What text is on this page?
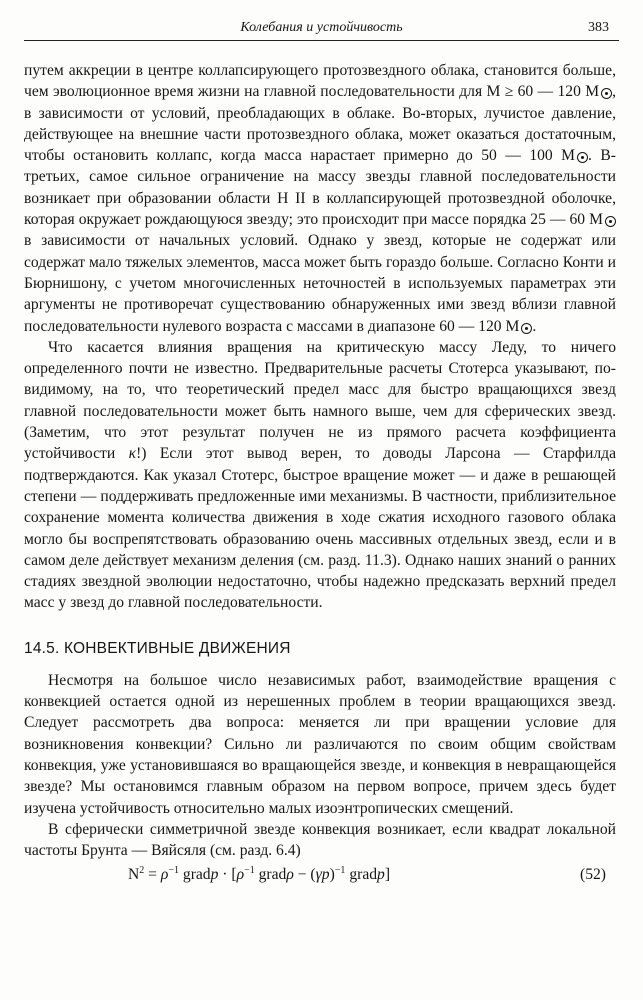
Колебания и устойчивость	383

путем аккреции в центре коллапсирующего протозвездного облака, становится больше, чем эволюционное время жизни на главной последовательности для M ≥ 60 — 120 M , в зависимости от условий, преобладающих в облаке. Во-вторых, лучистое давление, действующее на внешние части протозвездного облака, может оказаться достаточным, чтобы остановить коллапс, когда масса нарастает примерно до 50 — 100 M . В-третьих, самое сильное ограничение на массу звезды главной последовательности возникает при образовании области H II в коллапсирующей протозвездной оболочке, которая окружает рождающуюся звезду; это происходит при массе порядка 25 — 60 M в зависимости от начальных условий. Однако у звезд, которые не содержат или содержат мало тяжелых элементов, масса может быть гораздо больше. Согласно Конти и Бюрнишону, с учетом многочисленных неточностей в используемых параметрах эти аргументы не противоречат существованию обнаруженных ими звезд вблизи главной последовательности нулевого возраста с массами в диапазоне 60 — 120 M .

Что касается влияния вращения на критическую массу Леду, то ничего определенного почти не известно. Предварительные расчеты Стотерса указывают, по-видимому, на то, что теоретический предел масс для быстро вращающихся звезд главной последовательности может быть намного выше, чем для сферических звезд. (Заметим, что этот результат получен не из прямого расчета коэффициента устойчивости κ!) Если этот вывод верен, то доводы Ларсона — Старфилда подтверждаются. Как указал Стотерс, быстрое вращение может — и даже в решающей степени — поддерживать предложенные ими механизмы. В частности, приблизительное сохранение момента количества движения в ходе сжатия исходного газового облака могло бы воспрепятствовать образованию очень массивных отдельных звезд, если и в самом деле действует механизм деления (см. разд. 11.3). Однако наших знаний о ранних стадиях звездной эволюции недостаточно, чтобы надежно предсказать верхний предел масс у звезд до главной последовательности.

14.5. КОНВЕКТИВНЫЕ ДВИЖЕНИЯ

Несмотря на большое число независимых работ, взаимодействие вращения с конвекцией остается одной из нерешенных проблем в теории вращающихся звезд. Следует рассмотреть два вопроса: меняется ли при вращении условие для возникновения конвекции? Сильно ли различаются по своим общим свойствам конвекция, уже установившаяся во вращающейся звезде, и конвекция в невращающейся звезде? Мы остановимся главным образом на первом вопросе, причем здесь будет изучена устойчивость относительно малых изоэнтропических смещений.

В сферически симметричной звезде конвекция возникает, если квадрат локальной частоты Брунта — Вяйсяля (см. разд. 6.4)

$N^2 = \rho^{-1}$ gradp · [$\rho^{-1}$ gradρ − $(\gamma p)^{-1}$ gradp]	(52)
